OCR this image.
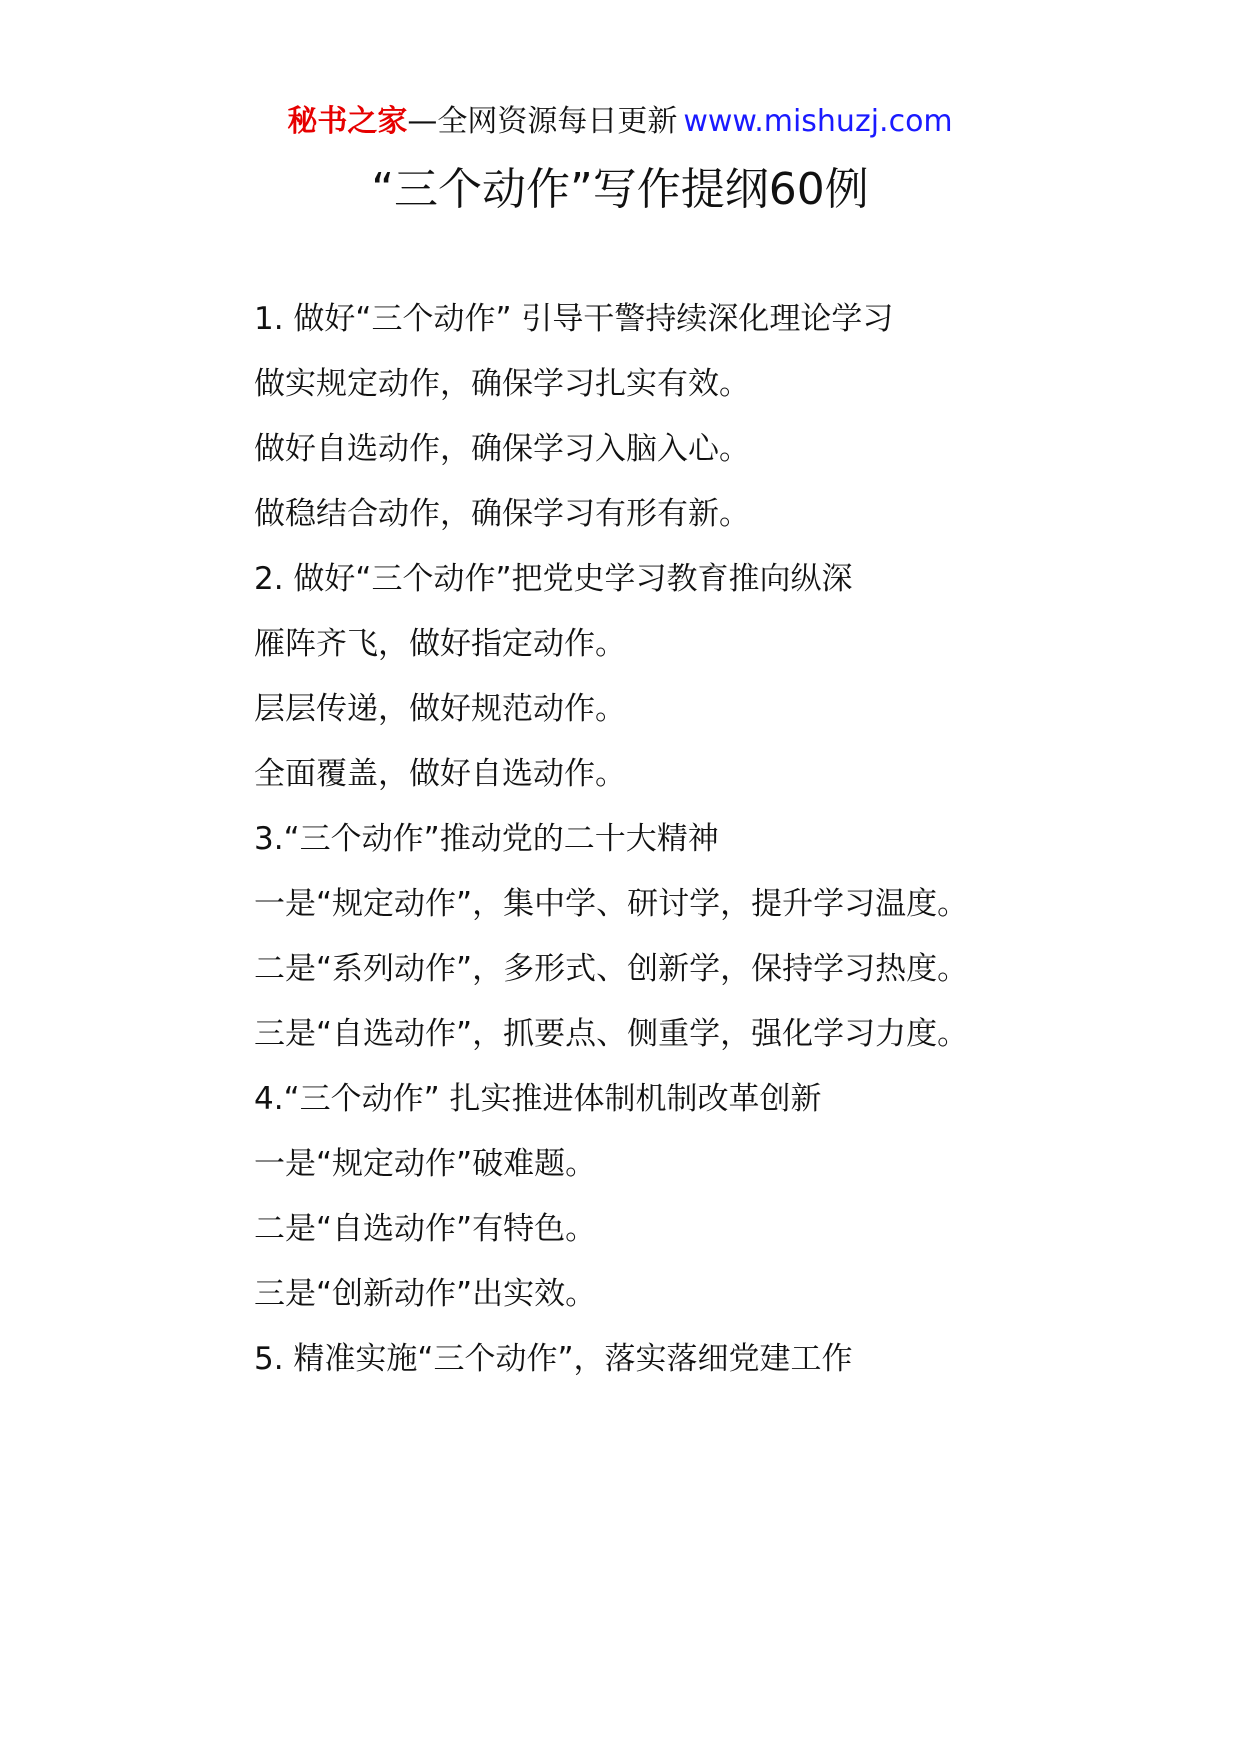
秘书之家—全网资源每日更新 www.mishuzj.com
“三个动作”写作提纲60例

1. 做好“三个动作” 引导干警持续深化理论学习

做实规定动作，确保学习扎实有效。

做好自选动作，确保学习入脑入心。

做稳结合动作，确保学习有形有新。

2. 做好“三个动作”把党史学习教育推向纵深

雁阵齐飞，做好指定动作。

层层传递，做好规范动作。

全面覆盖，做好自选动作。

3.“三个动作”推动党的二十大精神

一是“规定动作”，集中学、研讨学，提升学习温度。

二是“系列动作”，多形式、创新学，保持学习热度。

三是“自选动作”，抓要点、侧重学，强化学习力度。

4.“三个动作” 扎实推进体制机制改革创新

一是“规定动作”破难题。

二是“自选动作”有特色。

三是“创新动作”出实效。

5. 精准实施“三个动作”，落实落细党建工作
